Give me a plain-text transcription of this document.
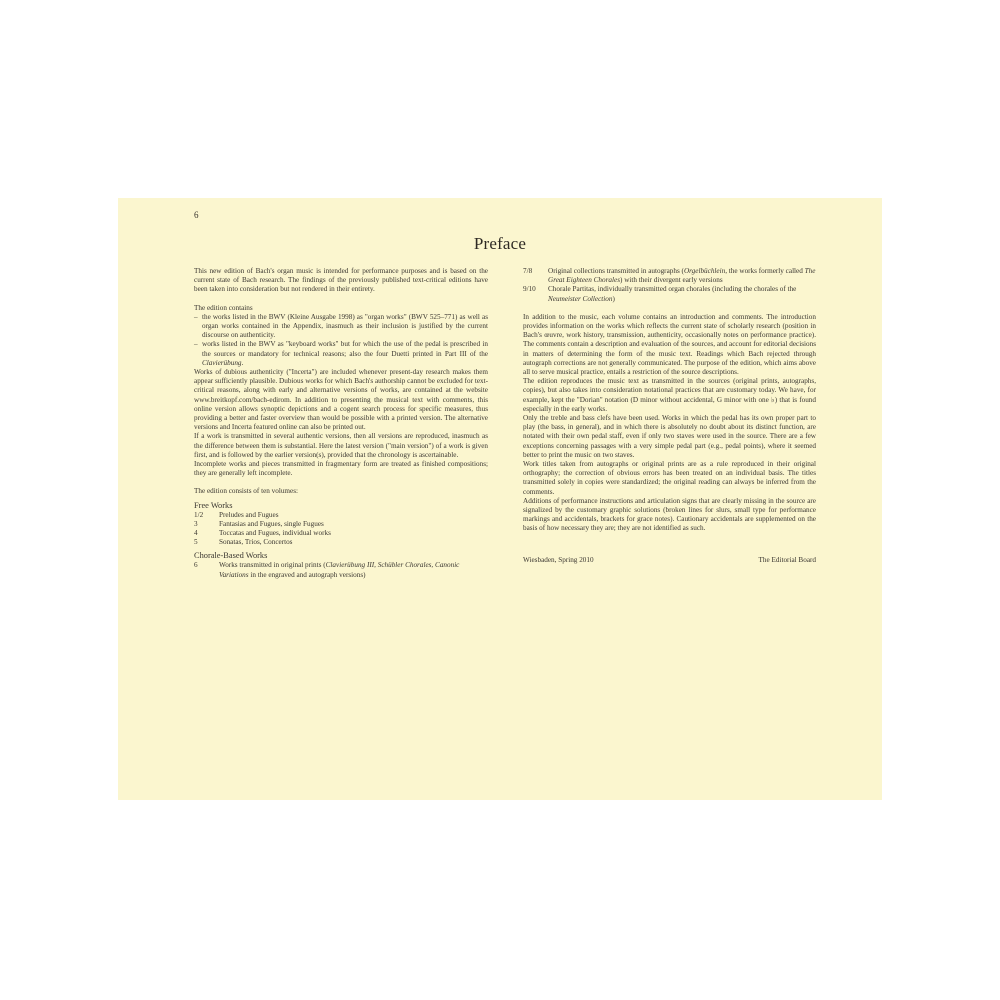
6
Preface

This new edition of Bach's organ music is intended for performance purposes and is based on the current state of Bach research. The findings of the previously published text-critical editions have been taken into consideration but not rendered in their entirety.

The edition contains

– the works listed in the BWV (Kleine Ausgabe 1998) as "organ works" (BWV 525–771) as well as organ works contained in the Appendix, inasmuch as their inclusion is justified by the current discourse on authenticity.
– works listed in the BWV as "keyboard works" but for which the use of the pedal is prescribed in the sources or mandatory for technical reasons; also the four Duetti printed in Part III of the Clavierübung.

Works of dubious authenticity ("Incerta") are included whenever present-day research makes them appear sufficiently plausible. Dubious works for which Bach's authorship cannot be excluded for text-critical reasons, along with early and alternative versions of works, are contained at the website www.breitkopf.com/bach-edirom. In addition to presenting the musical text with comments, this online version allows synoptic depictions and a cogent search process for specific measures, thus providing a better and faster overview than would be possible with a printed version. The alternative versions and Incerta featured online can also be printed out.

If a work is transmitted in several authentic versions, then all versions are reproduced, inasmuch as the difference between them is substantial. Here the latest version ("main version") of a work is given first, and is followed by the earlier version(s), provided that the chronology is ascertainable.

Incomplete works and pieces transmitted in fragmentary form are treated as finished compositions; they are generally left incomplete.

The edition consists of ten volumes:

Free Works
1/2	Preludes and Fugues
3	Fantasias and Fugues, single Fugues
4	Toccatas and Fugues, individual works
5	Sonatas, Trios, Concertos
Chorale-Based Works
6	Works transmitted in original prints (Clavierübung III, Schübler Chorales, Canonic Variations in the engraved and autograph versions)
7/8	Original collections transmitted in autographs (Orgelbüchlein, the works formerly called The Great Eighteen Chorales) with their divergent early versions
9/10	Chorale Partitas, individually transmitted organ chorales (including the chorales of the Neumeister Collection)

In addition to the music, each volume contains an introduction and comments. The introduction provides information on the works which reflects the current state of scholarly research (position in Bach's œuvre, work history, transmission, authenticity, occasionally notes on performance practice). The comments contain a description and evaluation of the sources, and account for editorial decisions in matters of determining the form of the music text. Readings which Bach rejected through autograph corrections are not generally communicated. The purpose of the edition, which aims above all to serve musical practice, entails a restriction of the source descriptions.

The edition reproduces the music text as transmitted in the sources (original prints, autographs, copies), but also takes into consideration notational practices that are customary today. We have, for example, kept the "Dorian" notation (D minor without accidental, G minor with one ♭) that is found especially in the early works.

Only the treble and bass clefs have been used. Works in which the pedal has its own proper part to play (the bass, in general), and in which there is absolutely no doubt about its distinct function, are notated with their own pedal staff, even if only two staves were used in the source. There are a few exceptions concerning passages with a very simple pedal part (e.g., pedal points), where it seemed better to print the music on two staves.

Work titles taken from autographs or original prints are as a rule reproduced in their original orthography; the correction of obvious errors has been treated on an individual basis. The titles transmitted solely in copies were standardized; the original reading can always be inferred from the comments.

Additions of performance instructions and articulation signs that are clearly missing in the source are signalized by the customary graphic solutions (broken lines for slurs, small type for performance markings and accidentals, brackets for grace notes). Cautionary accidentals are supplemented on the basis of how necessary they are; they are not identified as such.

Wiesbaden, Spring 2010	The Editorial Board
